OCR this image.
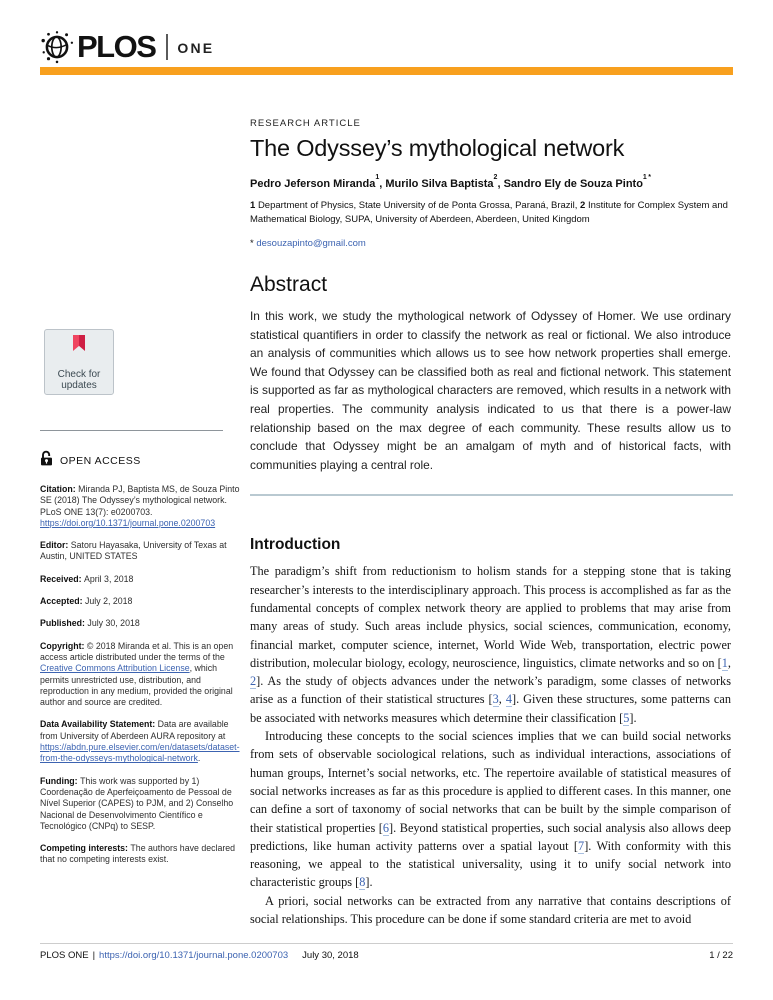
PLOS ONE
Check for
updates
OPEN ACCESS
Citation: Miranda PJ, Baptista MS, de Souza Pinto SE (2018) The Odyssey’s mythological network. PLoS ONE 13(7): e0200703. https://doi.org/10.1371/journal.pone.0200703
Editor: Satoru Hayasaka, University of Texas at Austin, UNITED STATES
Received: April 3, 2018
Accepted: July 2, 2018
Published: July 30, 2018
Copyright: © 2018 Miranda et al. This is an open access article distributed under the terms of the Creative Commons Attribution License, which permits unrestricted use, distribution, and reproduction in any medium, provided the original author and source are credited.
Data Availability Statement: Data are available from University of Aberdeen AURA repository at https://abdn.pure.elsevier.com/en/datasets/dataset-from-the-odysseys-mythological-network.
Funding: This work was supported by 1) Coordenação de Aperfeiçoamento de Pessoal de Nível Superior (CAPES) to PJM, and 2) Conselho Nacional de Desenvolvimento Científico e Tecnológico (CNPq) to SESP.
Competing interests: The authors have declared that no competing interests exist.
RESEARCH ARTICLE
The Odyssey’s mythological network
Pedro Jeferson Miranda$^1$, Murilo Silva Baptista$^2$, Sandro Ely de Souza Pinto$^1$ *
1 Department of Physics, State University of de Ponta Grossa, Paraná, Brazil, 2 Institute for Complex System and Mathematical Biology, SUPA, University of Aberdeen, Aberdeen, United Kingdom
* desouzapinto@gmail.com
Abstract

In this work, we study the mythological network of Odyssey of Homer. We use ordinary statistical quantifiers in order to classify the network as real or fictional. We also introduce an analysis of communities which allows us to see how network properties shall emerge. We found that Odyssey can be classified both as real and fictional network. This statement is supported as far as mythological characters are removed, which results in a network with real properties. The community analysis indicated to us that there is a power-law relationship based on the max degree of each community. These results allow us to conclude that Odyssey might be an amalgam of myth and of historical facts, with communities playing a central role.

Introduction

The paradigm’s shift from reductionism to holism stands for a stepping stone that is taking researcher’s interests to the interdisciplinary approach. This process is accomplished as far as the fundamental concepts of complex network theory are applied to problems that may arise from many areas of study. Such areas include physics, social sciences, communication, economy, financial market, computer science, internet, World Wide Web, transportation, electric power distribution, molecular biology, ecology, neuroscience, linguistics, climate networks and so on [1, 2]. As the study of objects advances under the network’s paradigm, some classes of networks arise as a function of their statistical structures [3, 4]. Given these structures, some patterns can be associated with networks measures which determine their classification [5].

Introducing these concepts to the social sciences implies that we can build social networks from sets of observable sociological relations, such as individual interactions, associations of human groups, Internet’s social networks, etc. The repertoire available of statistical measures of social networks increases as far as this procedure is applied to different cases. In this manner, one can define a sort of taxonomy of social networks that can be built by the simple comparison of their statistical properties [6]. Beyond statistical properties, such social analysis also allows deep predictions, like human activity patterns over a spatial layout [7]. With conformity with this reasoning, we appeal to the statistical universality, using it to unify social network into characteristic groups [8].

A priori, social networks can be extracted from any narrative that contains descriptions of social relationships. This procedure can be done if some standard criteria are met to avoid

PLOS ONE | https://doi.org/10.1371/journal.pone.0200703 July 30, 2018	1 / 22
